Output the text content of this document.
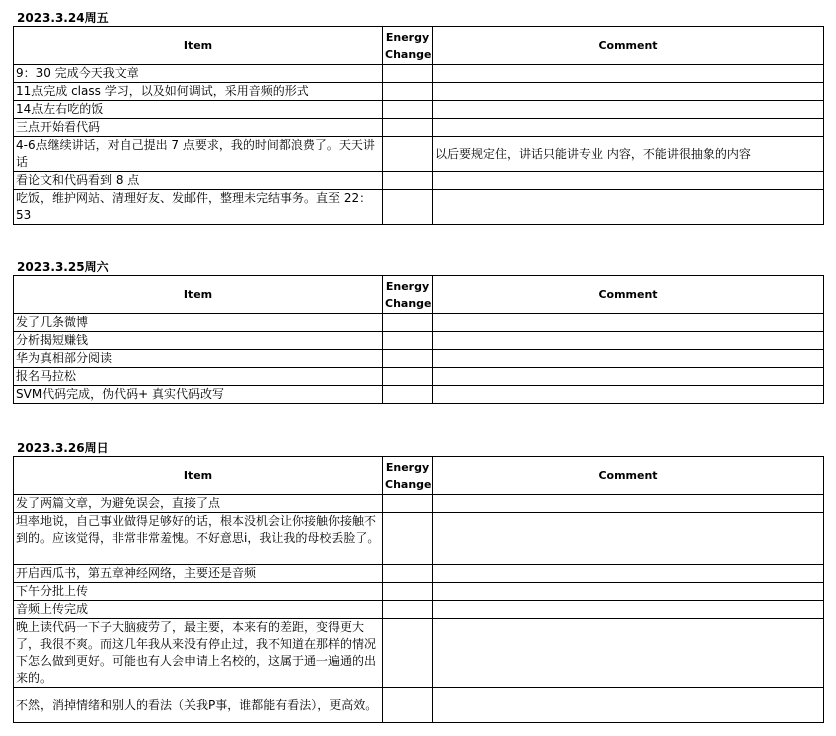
2023.3.24周五
Item	Energy Change	Comment
9：30 完成今天我文章		
11点完成 class 学习，以及如何调试，采用音频的形式		
14点左右吃的饭		
三点开始看代码		
4-6点继续讲话，对自己提出 7 点要求，我的时间都浪费了。天天讲话		以后要规定住，讲话只能讲专业 内容，不能讲很抽象的内容
看论文和代码看到 8 点		
吃饭，维护网站、清理好友、发邮件，整理未完结事务。直至 22：53		
2023.3.25周六
Item	Energy Change	Comment
发了几条微博		
分析揭短赚钱		
华为真相部分阅读		
报名马拉松		
SVM代码完成，伪代码+ 真实代码改写		
2023.3.26周日
Item	Energy Change	Comment
发了两篇文章，为避免误会，直接了点		
坦率地说，自己事业做得足够好的话，根本没机会让你接触你接触不到的。应该觉得，非常非常羞愧。不好意思i，我让我的母校丢脸了。		
开启西瓜书，第五章神经网络，主要还是音频		
下午分批上传		
音频上传完成		
晚上读代码一下子大脑疲劳了，最主要，本来有的差距，变得更大了，我很不爽。而这几年我从来没有停止过，我不知道在那样的情况下怎么做到更好。可能也有人会申请上名校的，这属于通一遍通的出来的。		
不然，消掉情绪和别人的看法（关我P事，谁都能有看法），更高效。		
